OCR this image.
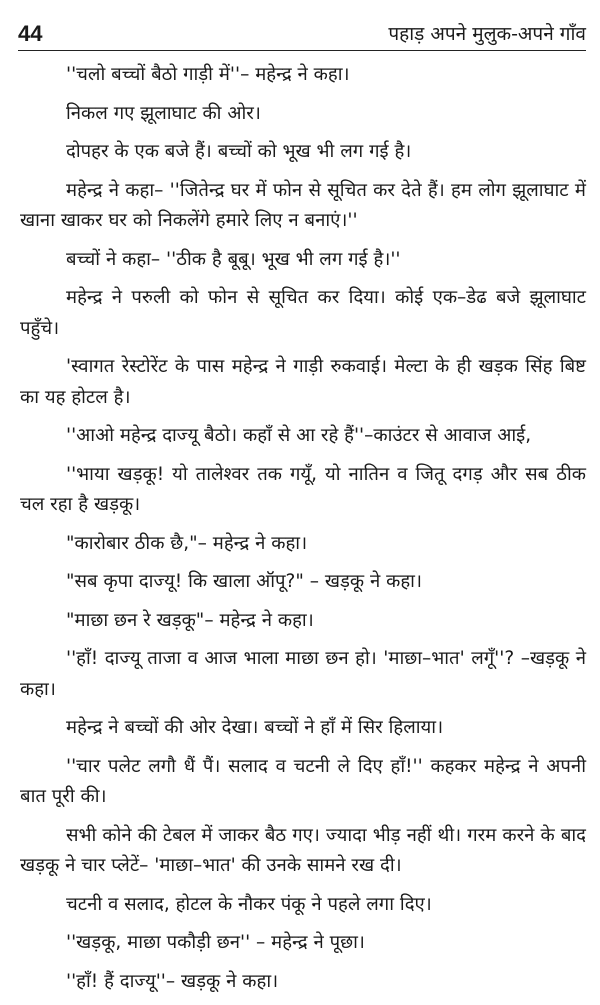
44	पहाड़ अपने मुलुक-अपने गाँव

''चलो बच्चों बैठो गाड़ी में''– महेन्द्र ने कहा।

निकल गए झूलाघाट की ओर।

दोपहर के एक बजे हैं। बच्चों को भूख भी लग गई है।

महेन्द्र ने कहा– ''जितेन्द्र घर में फोन से सूचित कर देते हैं। हम लोग झूलाघाट में खाना खाकर घर को निकलेंगे हमारे लिए न बनाएं।''

बच्चों ने कहा– ''ठीक है बूबू। भूख भी लग गई है।''

महेन्द्र ने परुली को फोन से सूचित कर दिया। कोई एक–डेढ बजे झूलाघाट पहुँचे।

'स्वागत रेस्टोरेंट के पास महेन्द्र ने गाड़ी रुकवाई। मेल्टा के ही खड़क सिंह बिष्ट का यह होटल है।

''आओ महेन्द्र दाज्यू बैठो। कहाँ से आ रहे हैं''–काउंटर से आवाज आई,

''भाया खड़कू! यो तालेश्वर तक गयूँ, यो नातिन व जितू दगड़ और सब ठीक चल रहा है खड़कू।

"कारोबार ठीक छै,"– महेन्द्र ने कहा।

"सब कृपा दाज्यू! कि खाला ऑपू?" – खड़कू ने कहा।

"माछा छन रे खड़कू"– महेन्द्र ने कहा।

''हाँ! दाज्यू ताजा व आज भाला माछा छन हो। 'माछा–भात' लगूँ''? –खड़कू ने कहा।

महेन्द्र ने बच्चों की ओर देखा। बच्चों ने हाँ में सिर हिलाया।

''चार पलेट लगौ धैं पैं। सलाद व चटनी ले दिए हाँ!'' कहकर महेन्द्र ने अपनी बात पूरी की।

सभी कोने की टेबल में जाकर बैठ गए। ज्यादा भीड़ नहीं थी। गरम करने के बाद खड़कू ने चार प्लेटें– 'माछा–भात' की उनके सामने रख दी।

चटनी व सलाद, होटल के नौकर पंकू ने पहले लगा दिए।

''खड़कू, माछा पकौड़ी छन'' – महेन्द्र ने पूछा।

''हाँ! हैं दाज्यू''– खड़कू ने कहा।
